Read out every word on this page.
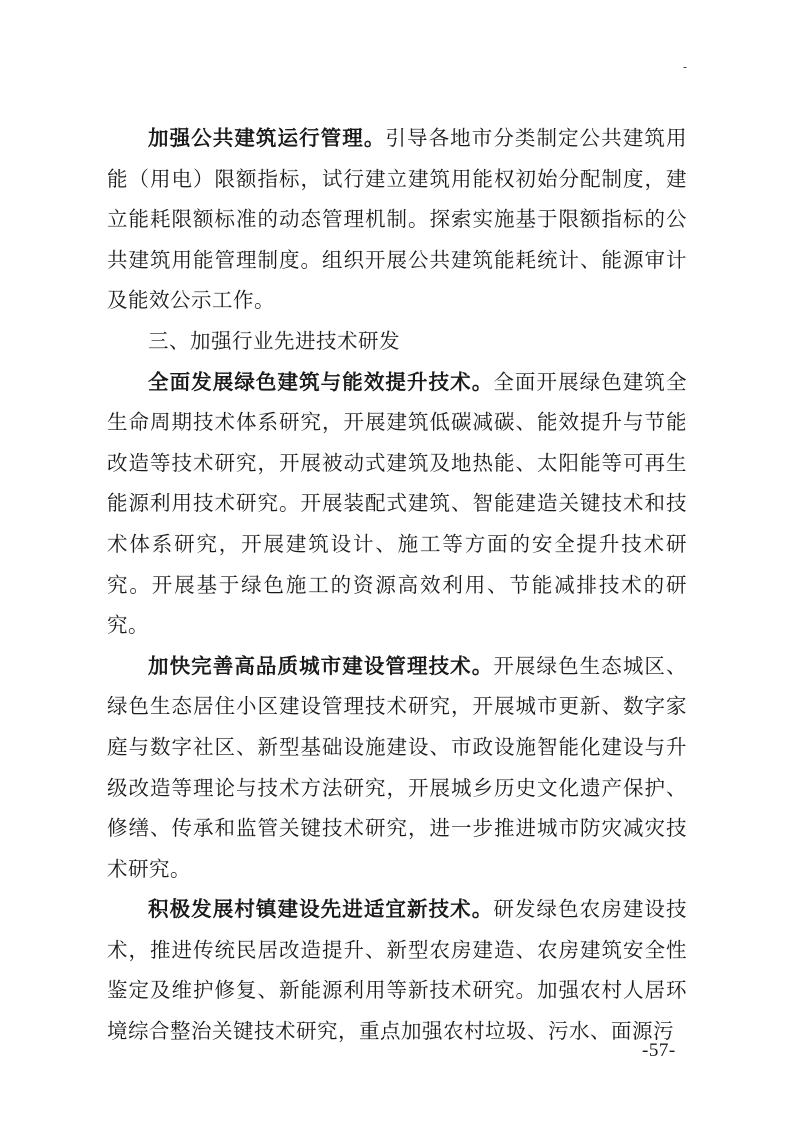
-

加强公共建筑运行管理。引导各地市分类制定公共建筑用能（用电）限额指标，试行建立建筑用能权初始分配制度，建立能耗限额标准的动态管理机制。探索实施基于限额指标的公共建筑用能管理制度。组织开展公共建筑能耗统计、能源审计及能效公示工作。

三、加强行业先进技术研发

全面发展绿色建筑与能效提升技术。全面开展绿色建筑全生命周期技术体系研究，开展建筑低碳减碳、能效提升与节能改造等技术研究，开展被动式建筑及地热能、太阳能等可再生能源利用技术研究。开展装配式建筑、智能建造关键技术和技术体系研究，开展建筑设计、施工等方面的安全提升技术研究。开展基于绿色施工的资源高效利用、节能减排技术的研究。

加快完善高品质城市建设管理技术。开展绿色生态城区、绿色生态居住小区建设管理技术研究，开展城市更新、数字家庭与数字社区、新型基础设施建设、市政设施智能化建设与升级改造等理论与技术方法研究，开展城乡历史文化遗产保护、修缮、传承和监管关键技术研究，进一步推进城市防灾减灾技术研究。

积极发展村镇建设先进适宜新技术。研发绿色农房建设技术，推进传统民居改造提升、新型农房建造、农房建筑安全性鉴定及维护修复、新能源利用等新技术研究。加强农村人居环境综合整治关键技术研究，重点加强农村垃圾、污水、面源污

-57-
